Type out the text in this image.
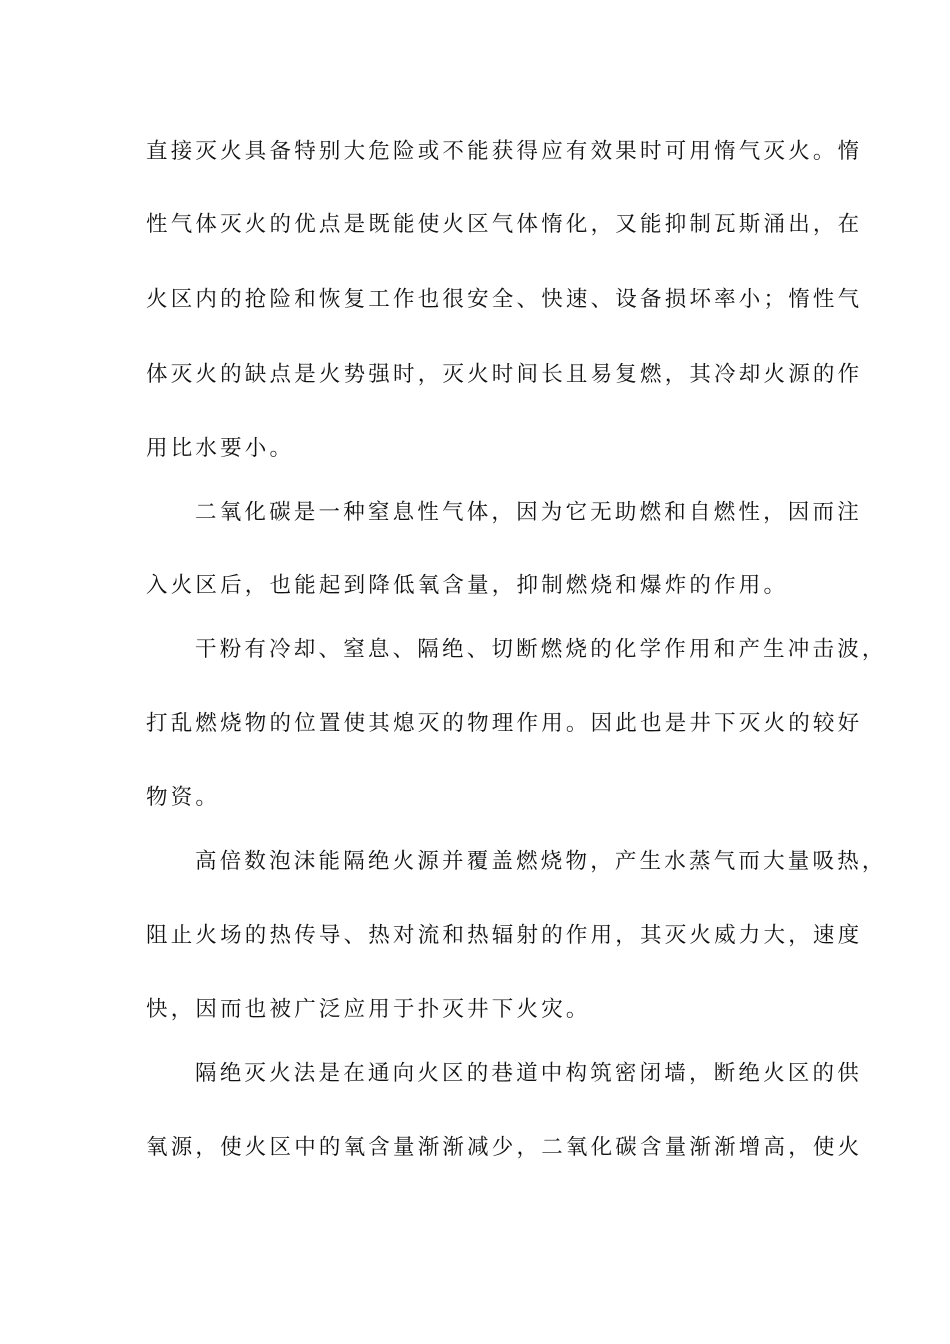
直接灭火具备特别大危险或不能获得应有效果时可用惰气灭火。惰
性气体灭火的优点是既能使火区气体惰化，又能抑制瓦斯涌出，在
火区内的抢险和恢复工作也很安全、快速、设备损坏率小；惰性气
体灭火的缺点是火势强时，灭火时间长且易复燃，其冷却火源的作
用比水要小。
二氧化碳是一种窒息性气体，因为它无助燃和自燃性，因而注
入火区后，也能起到降低氧含量，抑制燃烧和爆炸的作用。
干粉有冷却、窒息、隔绝、切断燃烧的化学作用和产生冲击波，
打乱燃烧物的位置使其熄灭的物理作用。因此也是井下灭火的较好
物资。
高倍数泡沫能隔绝火源并覆盖燃烧物，产生水蒸气而大量吸热，
阻止火场的热传导、热对流和热辐射的作用，其灭火威力大，速度
快，因而也被广泛应用于扑灭井下火灾。
隔绝灭火法是在通向火区的巷道中构筑密闭墙，断绝火区的供
氧源，使火区中的氧含量渐渐减少，二氧化碳含量渐渐增高，使火
